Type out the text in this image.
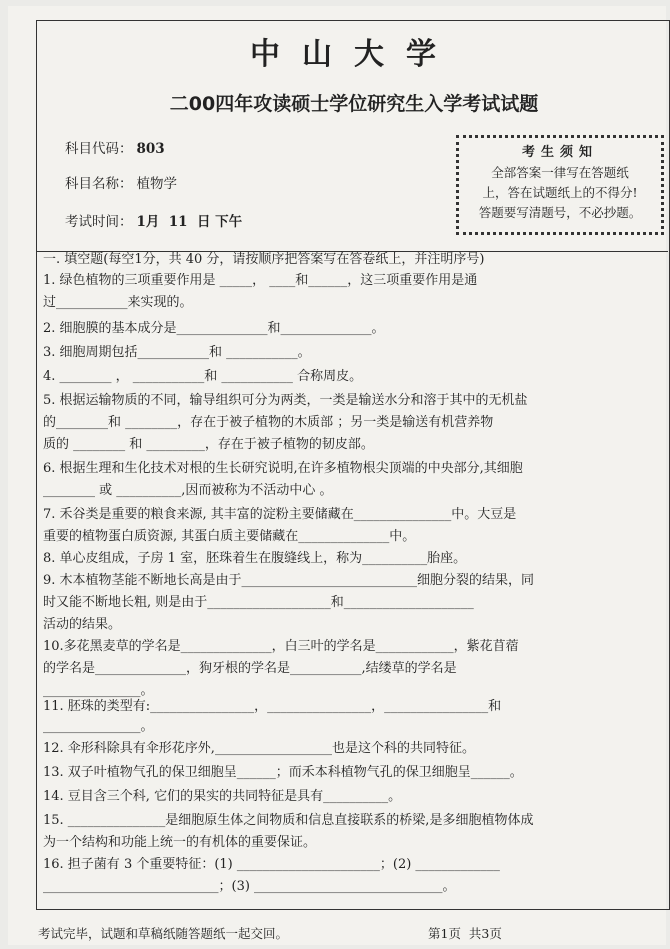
中山大学
二00四年攻读硕士学位研究生入学考试试题
科目代码： 803
科目名称： 植物学
考试时间： 1月  11  日 下午
考生须知
全部答案一律写在答题纸
上，答在试题纸上的不得分!
答题要写清题号，不必抄题。
一. 填空题(每空1分，共 40 分，请按顺序把答案写在答卷纸上，并注明序号)
1. 绿色植物的三项重要作用是 _____， ____和______，这三项重要作用是通
过___________来实现的。
2. 细胞膜的基本成分是______________和______________。
3. 细胞周期包括___________和 ___________。
4. ________ ， ___________和 ___________ 合称周皮。
5. 根据运输物质的不同，输导组织可分为两类，一类是输送水分和溶于其中的无机盐
的________和 ________，存在于被子植物的木质部 ；另一类是输送有机营养物
质的 ________ 和 _________，存在于被子植物的韧皮部。
6. 根据生理和生化技术对根的生长研究说明,在许多植物根尖顶端的中央部分,其细胞
________ 或 __________,因而被称为不活动中心 。
7. 禾谷类是重要的粮食来源, 其丰富的淀粉主要储藏在_______________中。大豆是
重要的植物蛋白质资源, 其蛋白质主要储藏在______________中。
8. 单心皮组成，子房 1 室，胚珠着生在腹缝线上，称为__________胎座。
9. 木本植物茎能不断地长高是由于___________________________细胞分裂的结果，同
时又能不断地长粗, 则是由于___________________和____________________
活动的结果。
10.多花黑麦草的学名是______________，白三叶的学名是____________，紫花苜蓿
的学名是______________，狗牙根的学名是___________,结缕草的学名是
_______________。
11. 胚珠的类型有:________________，________________，________________和
_______________。
12. 伞形科除具有伞形花序外,__________________也是这个科的共同特征。
13. 双子叶植物气孔的保卫细胞呈______；而禾本科植物气孔的保卫细胞呈______。
14. 豆目含三个科, 它们的果实的共同特征是具有__________。
15. _______________是细胞原生体之间物质和信息直接联系的桥梁,是多细胞植物体成
为一个结构和功能上统一的有机体的重要保证。
16. 担子菌有 3 个重要特征：(1) ______________________；(2) _____________
___________________________；(3) _____________________________。
考试完毕，试题和草稿纸随答题纸一起交回。	第1页  共3页
